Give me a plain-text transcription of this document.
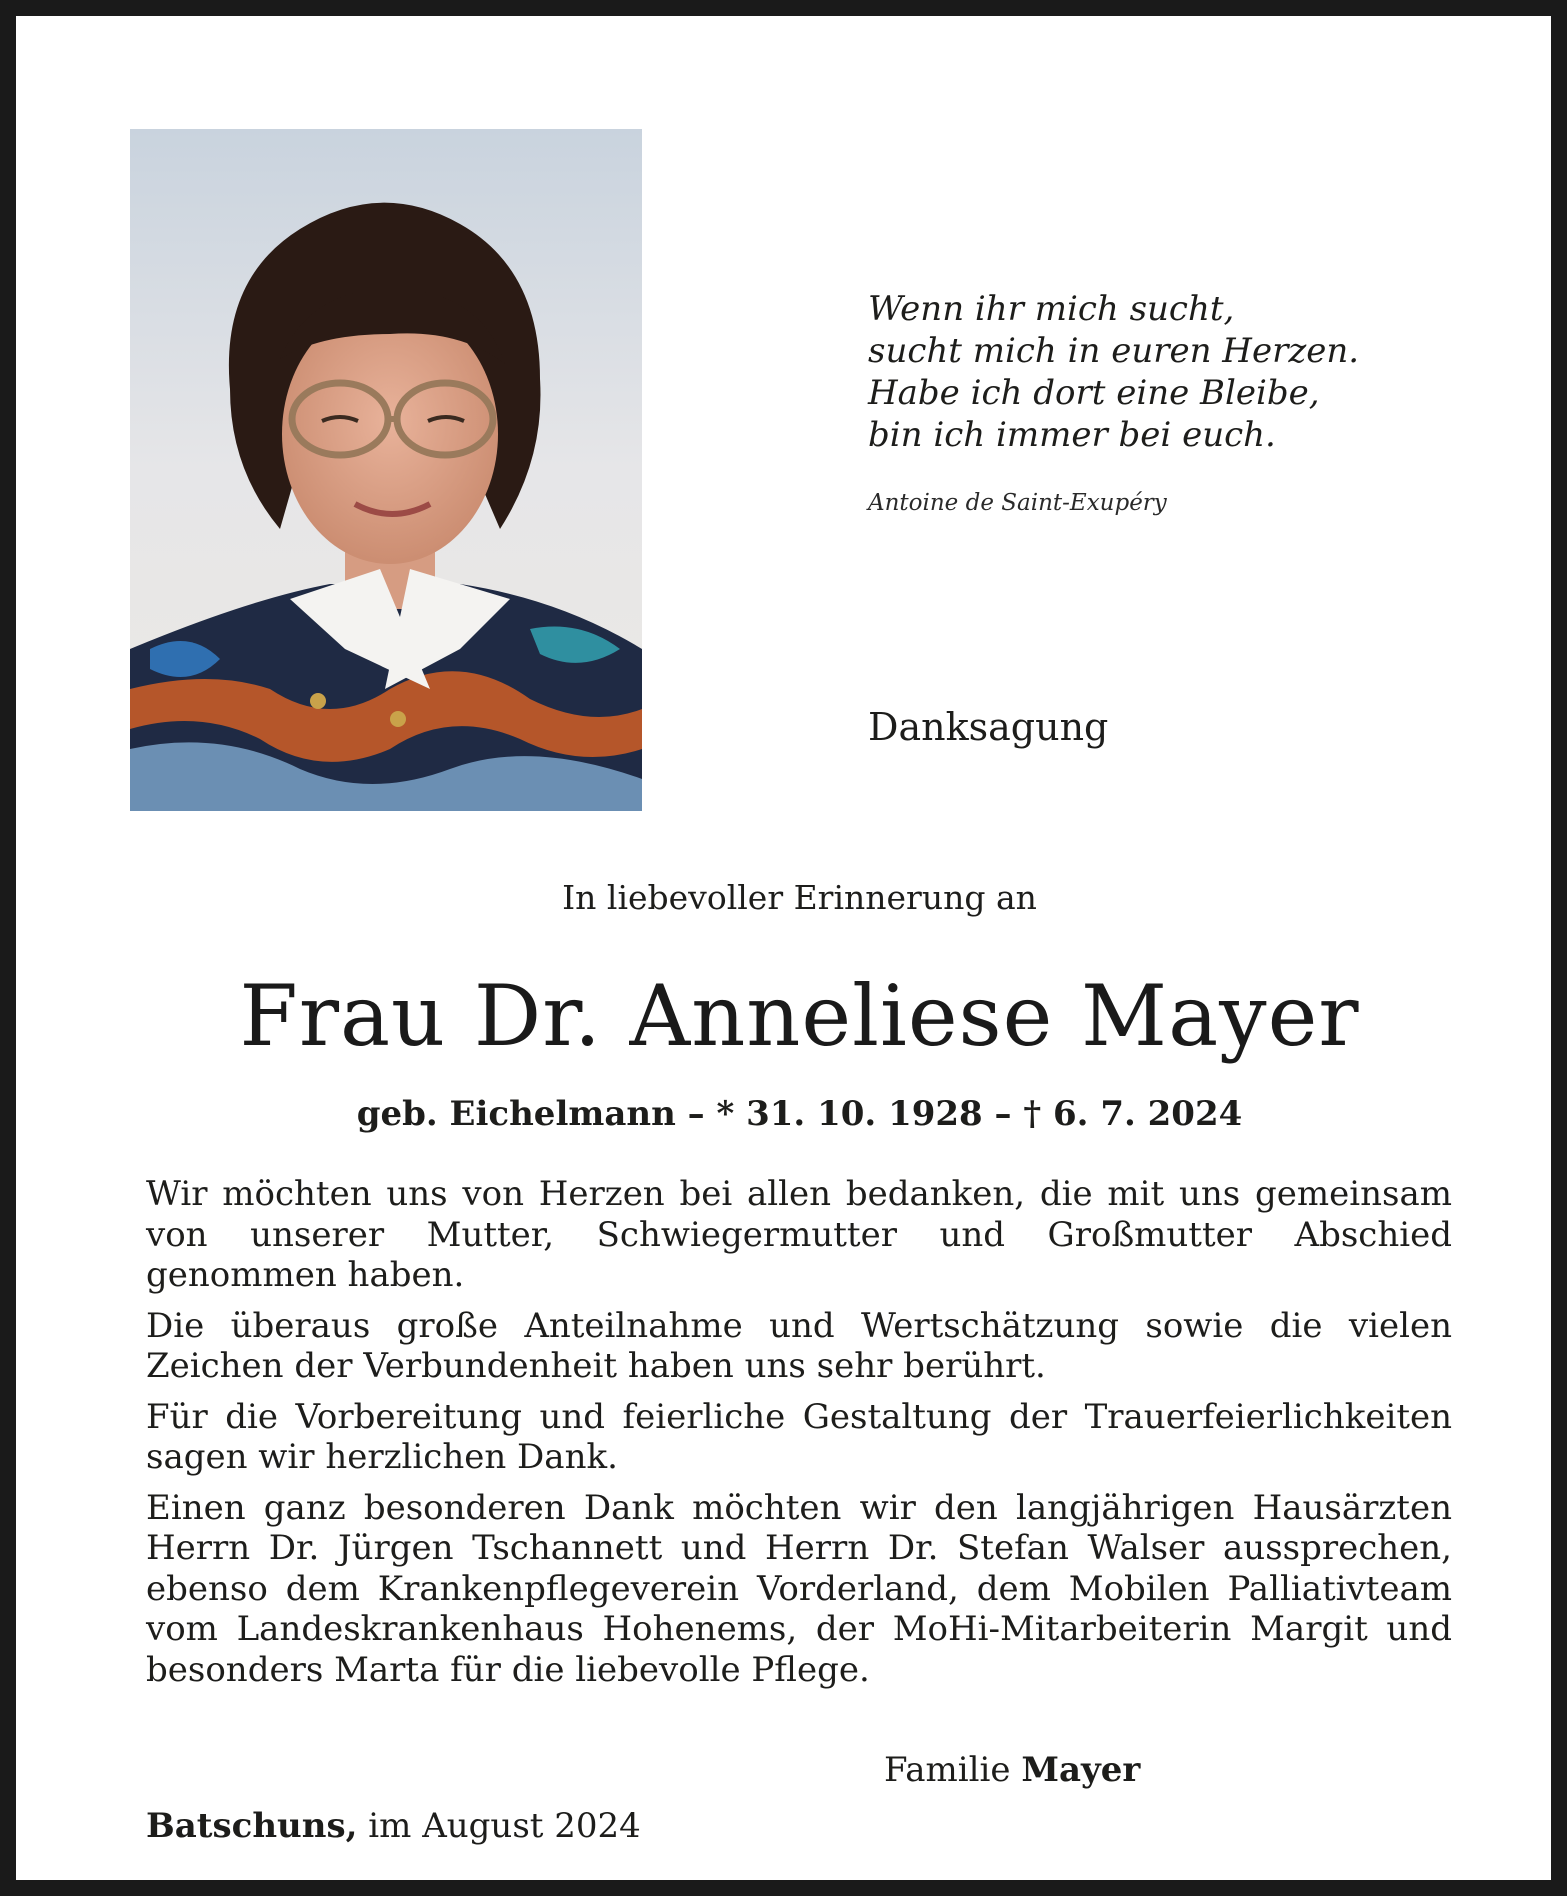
Wenn ihr mich sucht,
sucht mich in euren Herzen.
Habe ich dort eine Bleibe,
bin ich immer bei euch.
Antoine de Saint-Exupéry
Danksagung
In liebevoller Erinnerung an
Frau Dr. Anneliese Mayer
geb. Eichelmann – * 31. 10. 1928 – † 6. 7. 2024

Wir möchten uns von Herzen bei allen bedanken, die mit uns gemeinsam von unserer Mutter, Schwiegermutter und Großmutter Abschied genommen haben.

Die überaus große Anteilnahme und Wertschätzung sowie die vielen Zeichen der Verbundenheit haben uns sehr berührt.

Für die Vorbereitung und feierliche Gestaltung der Trauerfeierlichkeiten sagen wir herzlichen Dank.

Einen ganz besonderen Dank möchten wir den langjährigen Hausärzten Herrn Dr. Jürgen Tschannett und Herrn Dr. Stefan Walser aussprechen, ebenso dem Krankenpflegeverein Vorderland, dem Mobilen Palliativteam vom Landeskrankenhaus Hohenems, der MoHi-Mitarbeiterin Margit und besonders Marta für die liebevolle Pflege.

Familie Mayer
Batschuns, im August 2024
